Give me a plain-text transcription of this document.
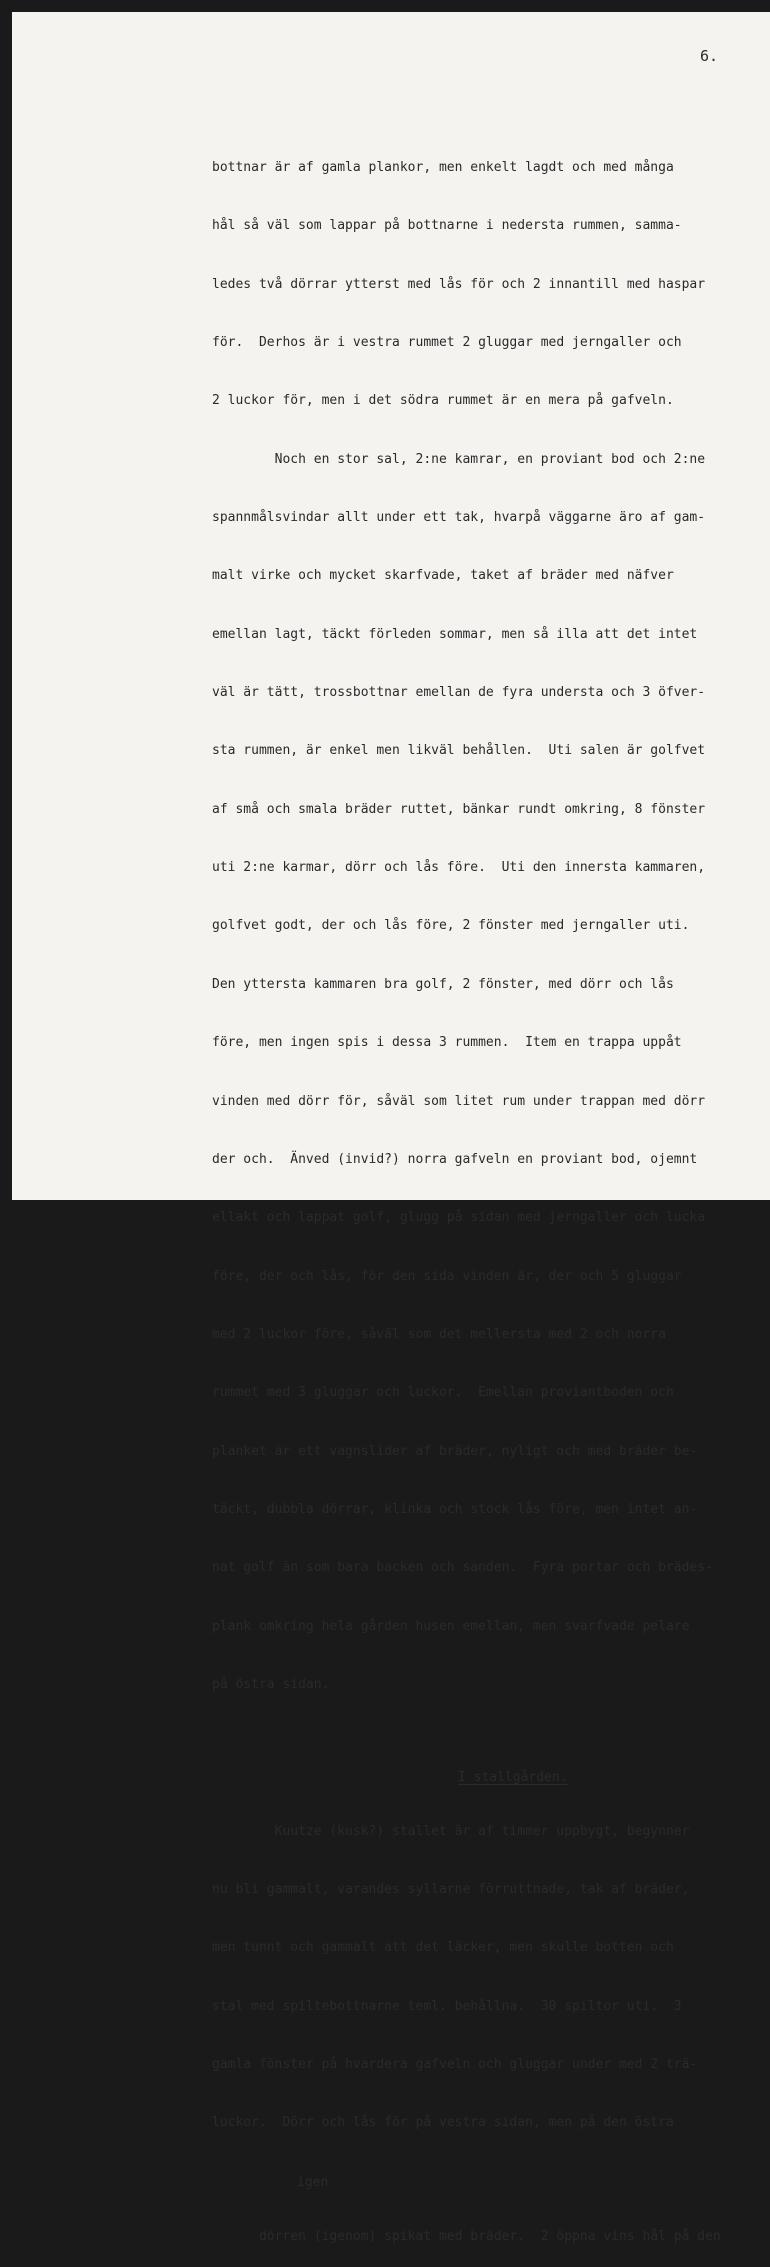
6.

bottnar är af gamla plankor, men enkelt lagdt och med många

hål så väl som lappar på bottnarne i nedersta rummen, samma-

ledes två dörrar ytterst med lås för och 2 innantill med haspar

för.  Derhos är i vestra rummet 2 gluggar med jerngaller och

2 luckor för, men i det södra rummet är en mera på gafveln.

Noch en stor sal, 2:ne kamrar, en proviant bod och 2:ne

spannmålsvindar allt under ett tak, hvarpå väggarne äro af gam-

malt virke och mycket skarfvade, taket af bräder med näfver

emellan lagt, täckt förleden sommar, men så illa att det intet

väl är tätt, trossbottnar emellan de fyra understa och 3 öfver-

sta rummen, är enkel men likväl behållen.  Uti salen är golfvet

af små och smala bräder ruttet, bänkar rundt omkring, 8 fönster

uti 2:ne karmar, dörr och lås före.  Uti den innersta kammaren,

golfvet godt, der och lås före, 2 fönster med jerngaller uti.

Den yttersta kammaren bra golf, 2 fönster, med dörr och lås

före, men ingen spis i dessa 3 rummen.  Item en trappa uppåt

vinden med dörr för, såväl som litet rum under trappan med dörr

der och.  Änved (invid?) norra gafveln en proviant bod, ojemnt

ellakt och lappat golf, glugg på sidan med jerngaller och lucka

före, der och lås, för den sida vinden är, der och 5 gluggar

med 2 luckor före, såväl som det mellersta med 2 och norra

rummet med 3 gluggar och luckor.  Emellan proviantboden och

planket är ett vagnslider af bräder, nyligt och med bräder be-

täckt, dubbla dörrar, klinka och stock lås före, men intet an-

nat golf än som bara backen och sanden.  Fyra portar och brädes-

plank omkring hela gården husen emellan, men svarfvade pelare

på östra sidan.

I stallgården.

Kuutze (kusk?) stallet är af timmer uppbygt, begynner

nu bli gammalt, varandes syllarne förruttnade, tak af bräder,

men tunnt och gammalt att det läcker, men skulle botten och

stal med spiltebottnarne teml. behållna.  30 spiltor uti.  3

gamla fönster på hvardera gafveln och gluggar under med 2 trä-

luckor.  Dörr och lås för på vestra sidan, men på den östra

igen

dörren (igenom) spikat med bräder.  2 öppna vins hål på den
